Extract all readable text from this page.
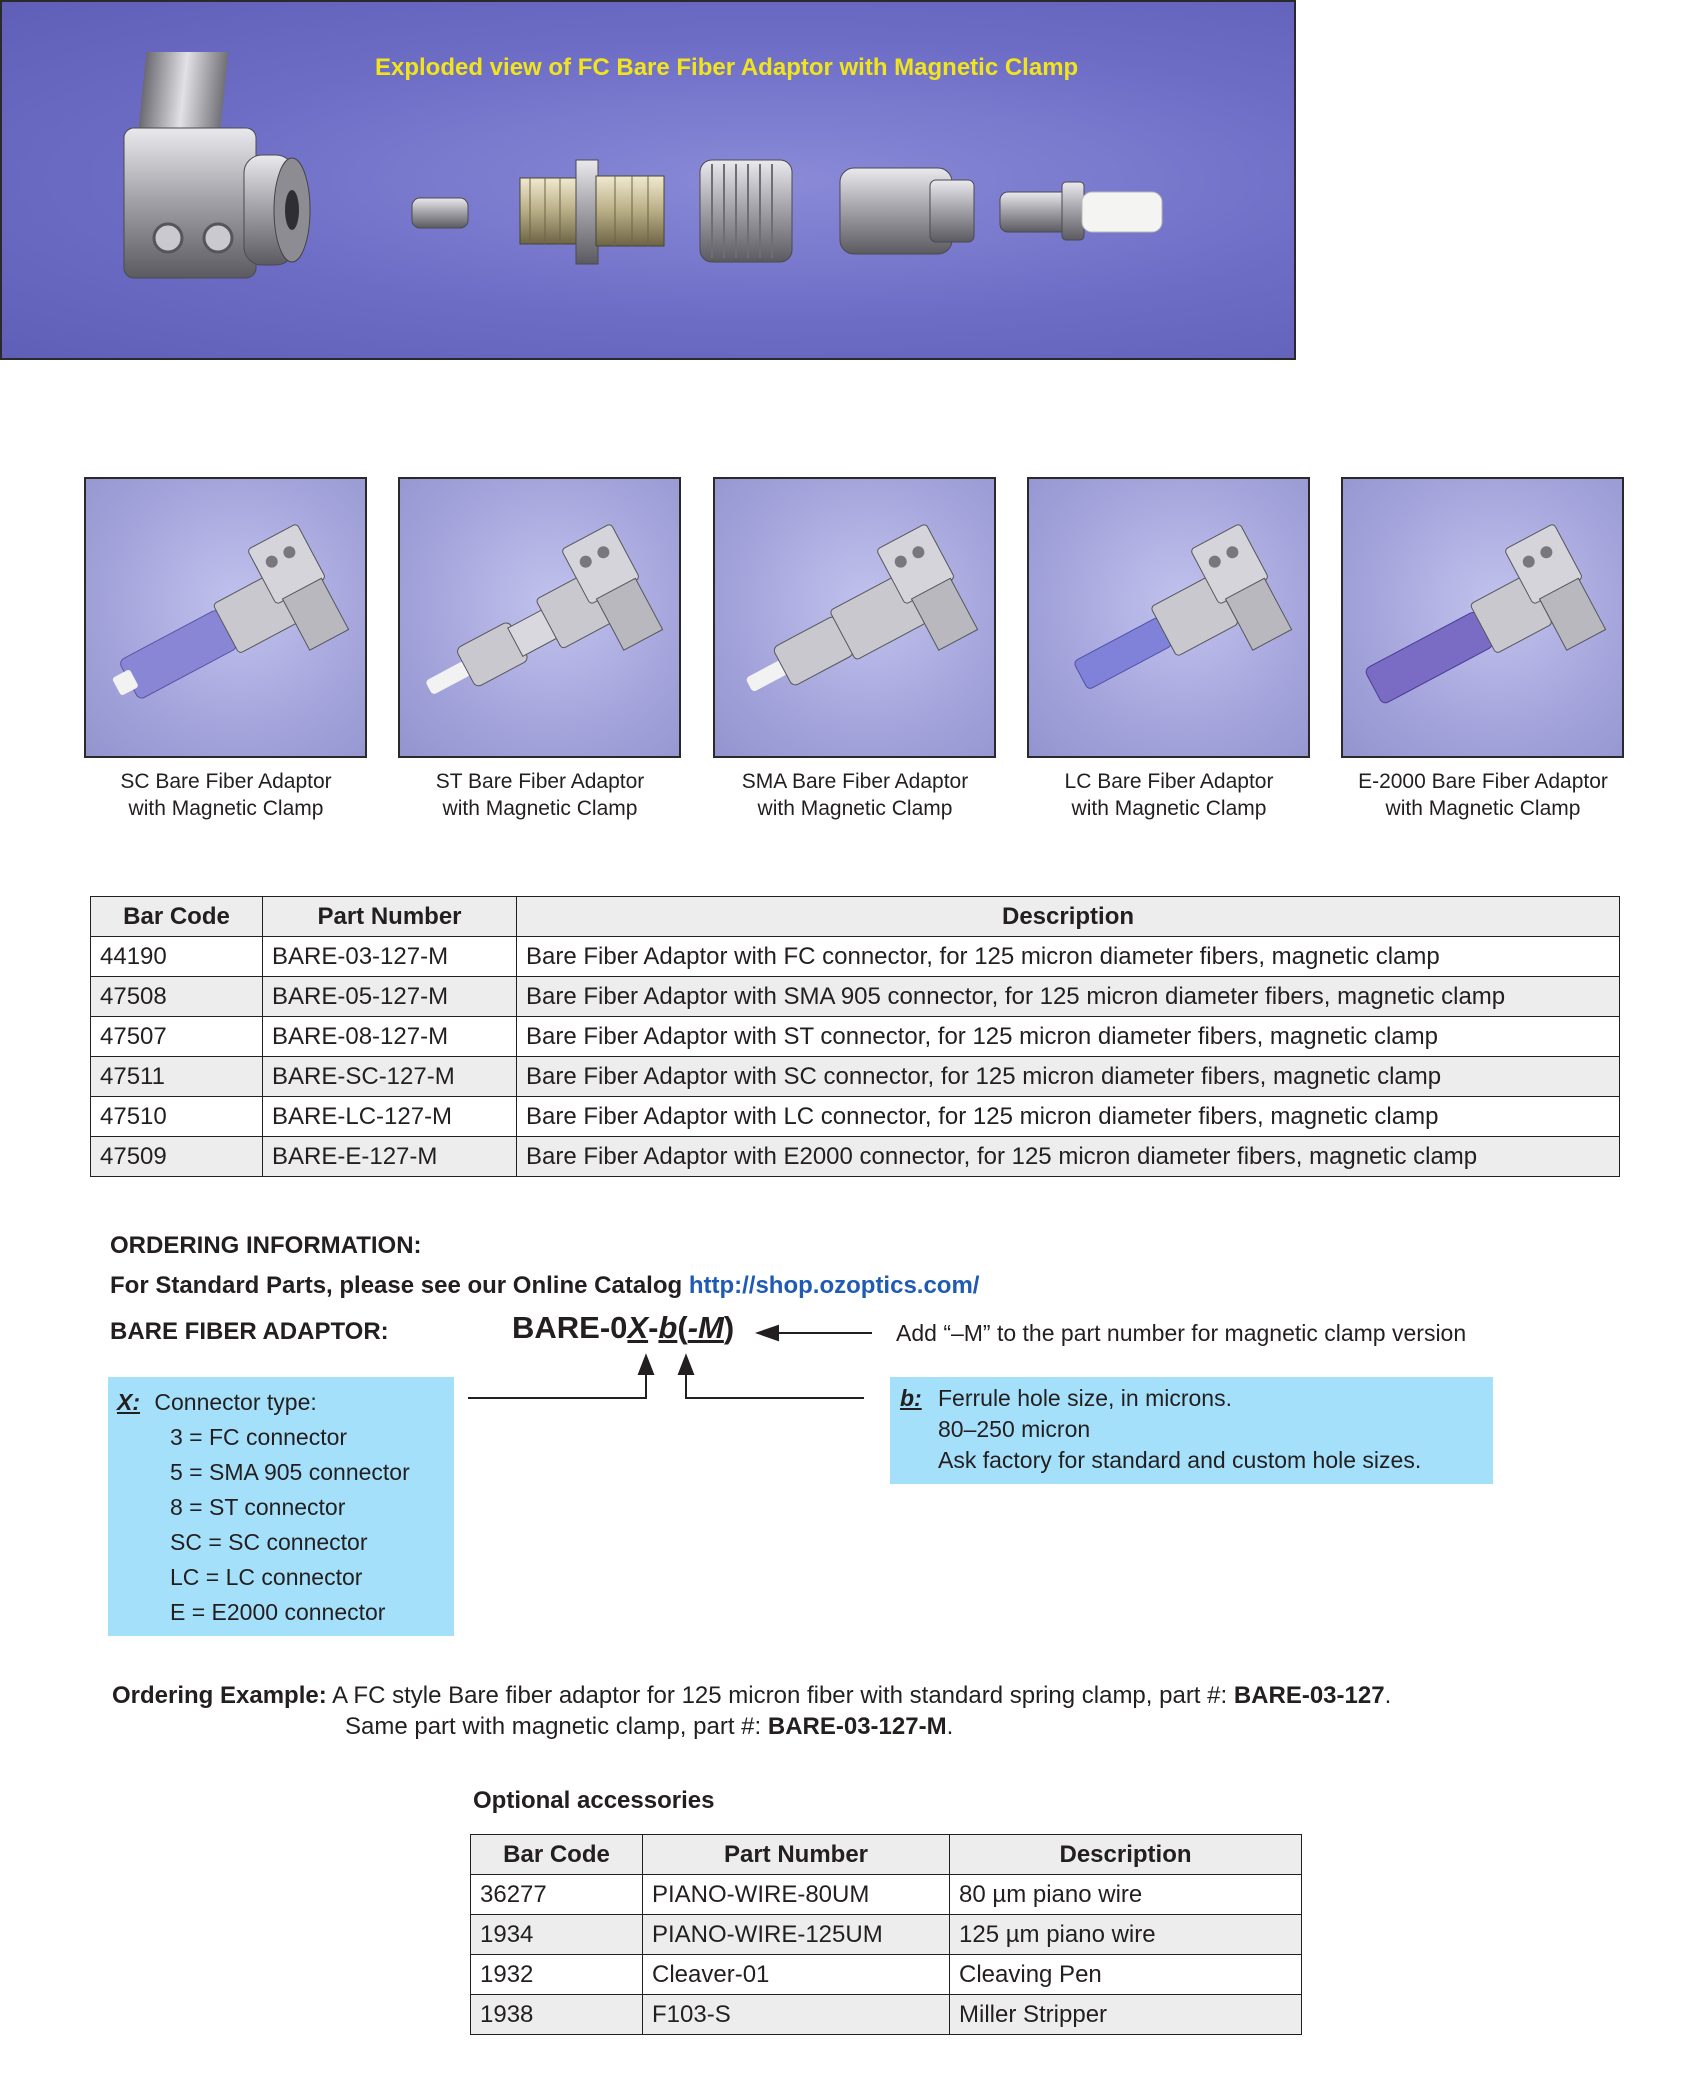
Exploded view of FC Bare Fiber Adaptor with Magnetic Clamp
SC Bare Fiber Adaptor
with Magnetic Clamp
ST Bare Fiber Adaptor
with Magnetic Clamp
SMA Bare Fiber Adaptor
with Magnetic Clamp
LC Bare Fiber Adaptor
with Magnetic Clamp
E-2000 Bare Fiber Adaptor
with Magnetic Clamp
Bar Code	Part Number	Description
44190	BARE-03-127-M	Bare Fiber Adaptor with FC connector, for 125 micron diameter fibers, magnetic clamp
47508	BARE-05-127-M	Bare Fiber Adaptor with SMA 905 connector, for 125 micron diameter fibers, magnetic clamp
47507	BARE-08-127-M	Bare Fiber Adaptor with ST connector, for 125 micron diameter fibers, magnetic clamp
47511	BARE-SC-127-M	Bare Fiber Adaptor with SC connector, for 125 micron diameter fibers, magnetic clamp
47510	BARE-LC-127-M	Bare Fiber Adaptor with LC connector, for 125 micron diameter fibers, magnetic clamp
47509	BARE-E-127-M	Bare Fiber Adaptor with E2000 connector, for 125 micron diameter fibers, magnetic clamp
ORDERING INFORMATION:
For Standard Parts, please see our Online Catalog http://shop.ozoptics.com/
BARE FIBER ADAPTOR:	BARE-0X-b(-M)	Add “–M” to the part number for magnetic clamp version
X: Connector type:
3 = FC connector
5 = SMA 905 connector
8 = ST connector
SC = SC connector
LC = LC connector
E = E2000 connector
b: Ferrule hole size, in microns.
80–250 micron
Ask factory for standard and custom hole sizes.
Ordering Example: A FC style Bare fiber adaptor for 125 micron fiber with standard spring clamp, part #: BARE-03-127.
Same part with magnetic clamp, part #: BARE-03-127-M.
Optional accessories
Bar Code	Part Number	Description
36277	PIANO-WIRE-80UM	80 µm piano wire
1934	PIANO-WIRE-125UM	125 µm piano wire
1932	Cleaver-01	Cleaving Pen
1938	F103-S	Miller Stripper
